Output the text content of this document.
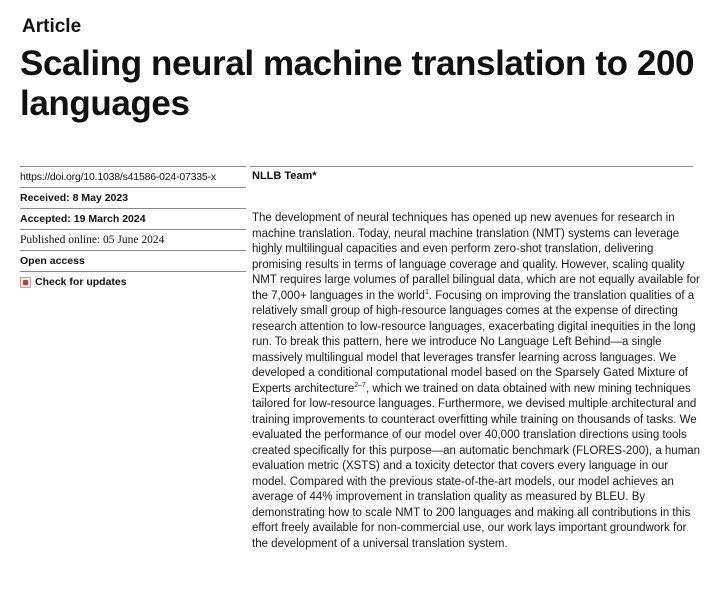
Article
Scaling neural machine translation to 200 languages
https://doi.org/10.1038/s41586-024-07335-x
Received: 8 May 2023
Accepted: 19 March 2024
Published online: 05 June 2024
Open access
Check for updates
NLLB Team*

The development of neural techniques has opened up new avenues for research in machine translation. Today, neural machine translation (NMT) systems can leverage highly multilingual capacities and even perform zero-shot translation, delivering promising results in terms of language coverage and quality. However, scaling quality NMT requires large volumes of parallel bilingual data, which are not equally available for the 7,000+ languages in the world$^1$. Focusing on improving the translation qualities of a relatively small group of high-resource languages comes at the expense of directing research attention to low-resource languages, exacerbating digital inequities in the long run. To break this pattern, here we introduce No Language Left Behind—a single massively multilingual model that leverages transfer learning across languages. We developed a conditional computational model based on the Sparsely Gated Mixture of Experts architecture$^{2-7}$, which we trained on data obtained with new mining techniques tailored for low-resource languages. Furthermore, we devised multiple architectural and training improvements to counteract overfitting while training on thousands of tasks. We evaluated the performance of our model over 40,000 translation directions using tools created specifically for this purpose—an automatic benchmark (FLORES-200), a human evaluation metric (XSTS) and a toxicity detector that covers every language in our model. Compared with the previous state-of-the-art models, our model achieves an average of 44% improvement in translation quality as measured by BLEU. By demonstrating how to scale NMT to 200 languages and making all contributions in this effort freely available for non-commercial use, our work lays important groundwork for the development of a universal translation system.
